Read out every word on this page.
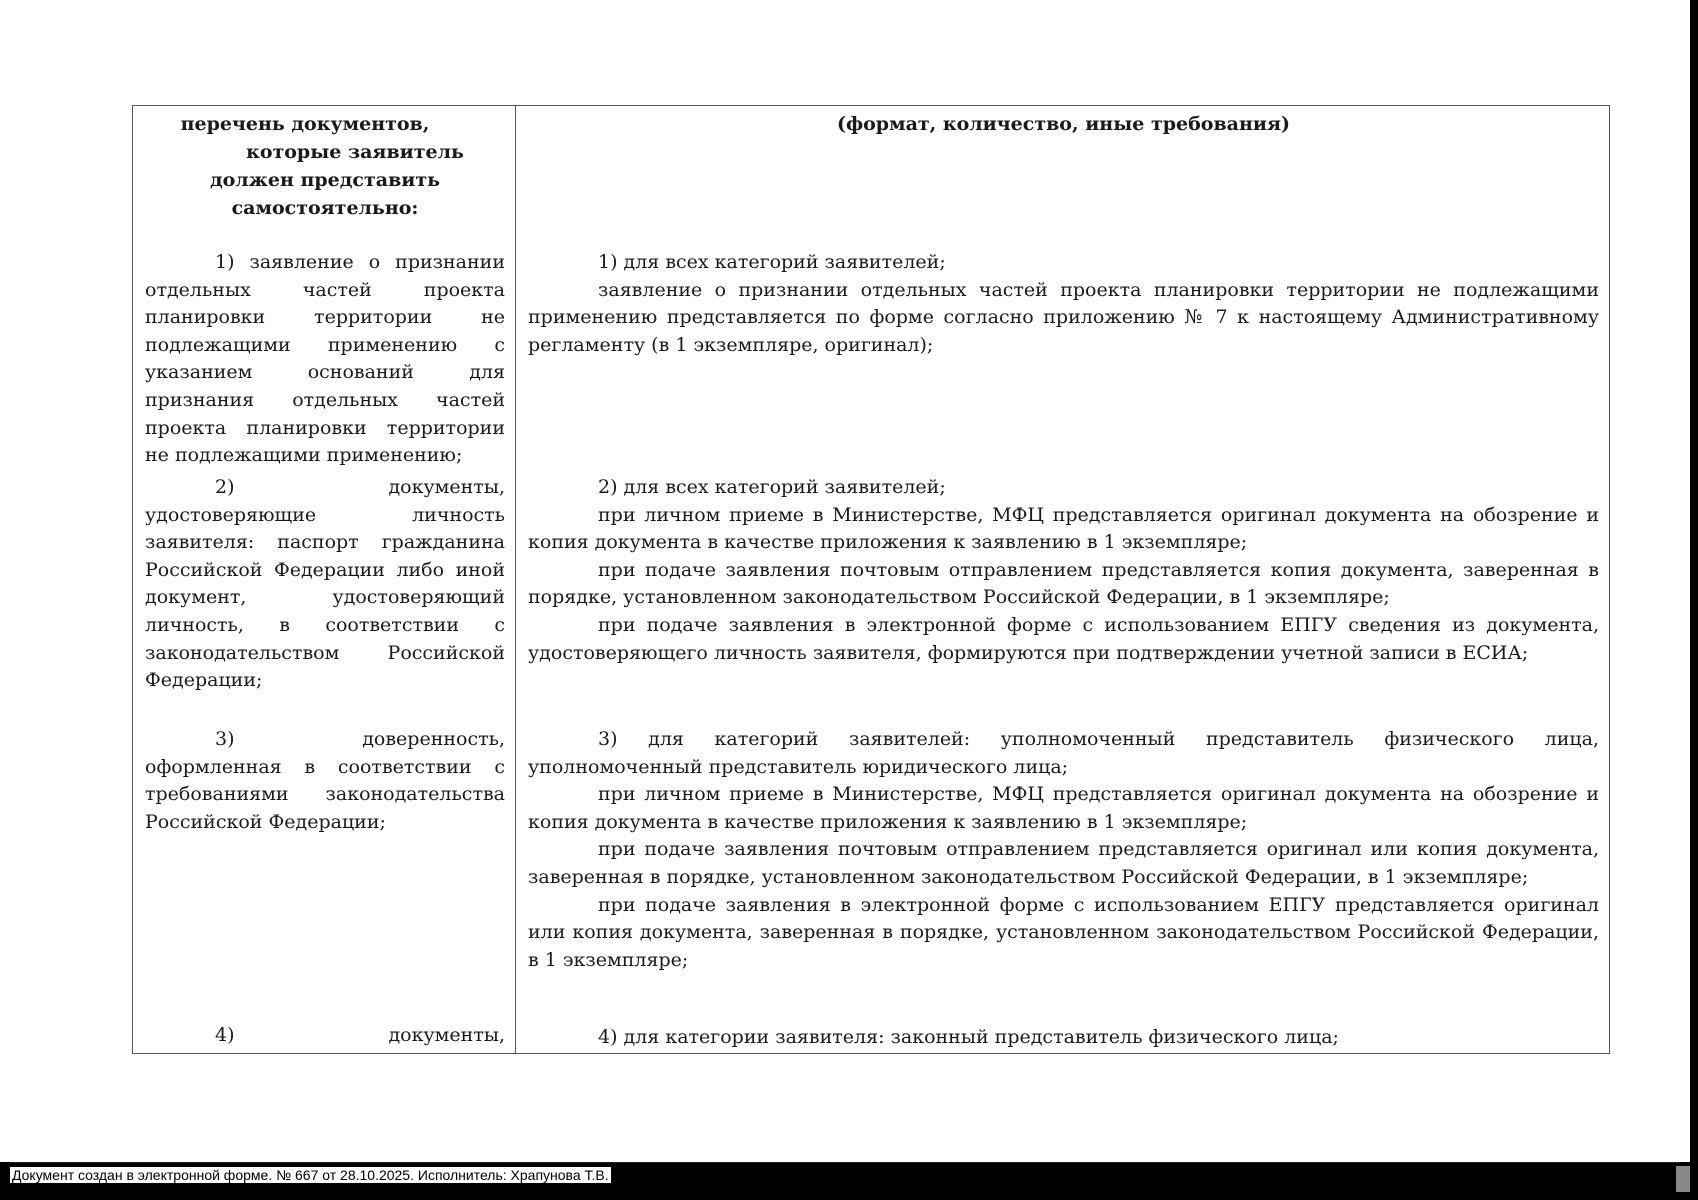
перечень документов,
которые заявитель
должен представить
самостоятельно:

1) заявление о признании отдельных частей проекта планировки территории не подлежащими применению с указанием оснований для признания отдельных частей проекта планировки территории не подлежащими применению;

2) документы, удостоверяющие личность заявителя: паспорт гражданина Российской Федерации либо иной документ, удостоверяющий личность, в соответствии с законодательством Российской Федерации;

3) доверенность, оформленная в соответствии с требованиями законодательства Российской Федерации;

4)	документы,
(формат, количество, иные требования)

1) для всех категорий заявителей;

заявление о признании отдельных частей проекта планировки территории не подлежащими применению представляется по форме согласно приложению № 7 к настоящему Административному регламенту (в 1 экземпляре, оригинал);

2) для всех категорий заявителей;

при личном приеме в Министерстве, МФЦ представляется оригинал документа на обозрение и копия документа в качестве приложения к заявлению в 1 экземпляре;

при подаче заявления почтовым отправлением представляется копия документа, заверенная в порядке, установленном законодательством Российской Федерации, в 1 экземпляре;

при подаче заявления в электронной форме с использованием ЕПГУ сведения из документа, удостоверяющего личность заявителя, формируются при подтверждении учетной записи в ЕСИА;

3) для категорий заявителей: уполномоченный представитель физического лица, уполномоченный представитель юридического лица;

при личном приеме в Министерстве, МФЦ представляется оригинал документа на обозрение и копия документа в качестве приложения к заявлению в 1 экземпляре;

при подаче заявления почтовым отправлением представляется оригинал или копия документа, заверенная в порядке, установленном законодательством Российской Федерации, в 1 экземпляре;

при подаче заявления в электронной форме с использованием ЕПГУ представляется оригинал или копия документа, заверенная в порядке, установленном законодательством Российской Федерации, в 1 экземпляре;

4) для категории заявителя: законный представитель физического лица;

Документ создан в электронной форме. № 667 от 28.10.2025. Исполнитель: Храпунова Т.В.
